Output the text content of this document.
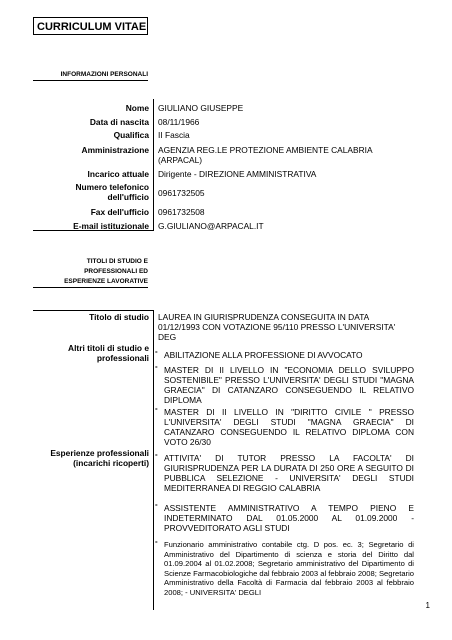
CURRICULUM VITAE
INFORMAZIONI PERSONALI
Nome GIULIANO GIUSEPPE
Data di nascita 08/11/1966
Qualifica II Fascia
Amministrazione AGENZIA REG.LE PROTEZIONE AMBIENTE CALABRIA (ARPACAL)
Incarico attuale Dirigente - DIREZIONE AMMINISTRATIVA
Numero telefonico dell'ufficio 0961732505
Fax dell'ufficio 0961732508
E-mail istituzionale G.GIULIANO@ARPACAL.IT
TITOLI DI STUDIO E
PROFESSIONALI ED
ESPERIENZE LAVORATIVE
Titolo di studio LAUREA IN GIURISPRUDENZA CONSEGUITA IN DATA 01/12/1993 CON VOTAZIONE 95/110 PRESSO L'UNIVERSITA' DEG
Altri titoli di studio e professionali
- ABILITAZIONE ALLA PROFESSIONE DI AVVOCATO
- MASTER DI II LIVELLO IN "ECONOMIA DELLO SVILUPPO SOSTENIBILE" PRESSO L'UNIVERSITA' DEGLI STUDI "MAGNA GRAECIA" DI CATANZARO CONSEGUENDO IL RELATIVO DIPLOMA
- MASTER DI II LIVELLO IN "DIRITTO CIVILE " PRESSO L'UNIVERSITA' DEGLI STUDI "MAGNA GRAECIA" DI CATANZARO CONSEGUENDO IL RELATIVO DIPLOMA CON VOTO 26/30
Esperienze professionali (incarichi ricoperti)
- ATTIVITA' DI TUTOR PRESSO LA FACOLTA' DI GIURISPRUDENZA PER LA DURATA DI 250 ORE A SEGUITO DI PUBBLICA SELEZIONE - UNIVERSITA' DEGLI STUDI MEDITERRANEA DI REGGIO CALABRIA
- ASSISTENTE AMMINISTRATIVO A TEMPO PIENO E INDETERMINATO DAL 01.05.2000 AL 01.09.2000 - PROVVEDITORATO AGLI STUDI
- Funzionario amministrativo contabile ctg. D pos. ec. 3; Segretario di Amministrativo del Dipartimento di scienza e storia del Diritto dal 01.09.2004 al 01.02.2008; Segretario amministrativo del Dipartimento di Scienze Farmacobiologiche dal febbraio 2003 al febbraio 2008; Segretario Amministrativo della Facoltà di Farmacia dal febbraio 2003 al febbraio 2008; - UNIVERSITA' DEGLI
1
